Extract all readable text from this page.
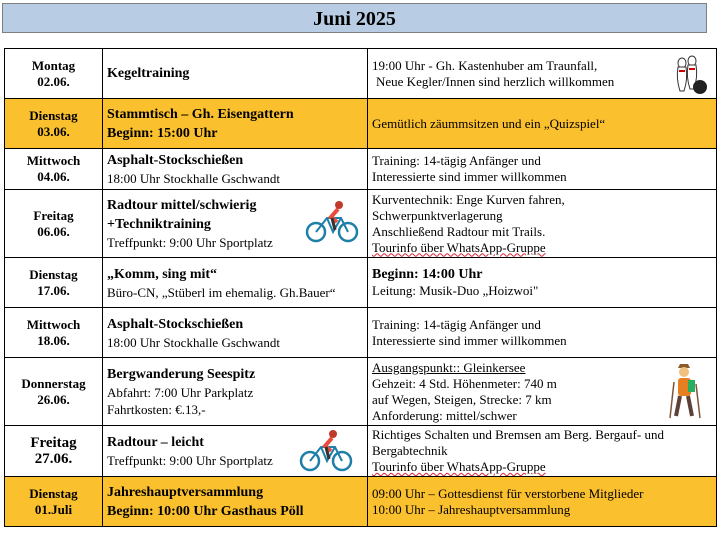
Juni 2025
Montag
02.06.	Kegeltraining	19:00 Uhr - Gh. Kastenhuber am Traunfall,
Neue Kegler/Innen sind herzlich willkommen

Dienstag
03.06.	Stammtisch – Gh. Eisengattern
Beginn: 15:00 Uhr	Gemütlich zäummsitzen und ein „Quizspiel“

Mittwoch
04.06.	Asphalt-Stockschießen
18:00 Uhr Stockhalle Gschwandt	Training: 14-tägig Anfänger und
Interessierte sind immer willkommen

Freitag
06.06.	Radtour mittel/schwierig
+Techniktraining
Treffpunkt: 9:00 Uhr Sportplatz	Kurventechnik: Enge Kurven fahren,
Schwerpunktverlagerung
Anschließend Radtour mit Trails.
Tourinfo über WhatsApp-Gruppe

Dienstag
17.06.	„Komm, sing mit“
Büro-CN, „Stüberl im ehemalig. Gh.Bauer“	Beginn: 14:00 Uhr
Leitung: Musik-Duo „Hoizwoi"

Mittwoch
18.06.	Asphalt-Stockschießen
18:00 Uhr Stockhalle Gschwandt	Training: 14-tägig Anfänger und
Interessierte sind immer willkommen

Donnerstag
26.06.	Bergwanderung Seespitz
Abfahrt: 7:00 Uhr Parkplatz
Fahrtkosten: €.13,-	Ausgangspunkt:: Gleinkersee
Gehzeit: 4 Std. Höhenmeter: 740 m
auf Wegen, Steigen, Strecke: 7 km
Anforderung: mittel/schwer

Freitag
27.06.	Radtour – leicht
Treffpunkt: 9:00 Uhr Sportplatz	Richtiges Schalten und Bremsen am Berg. Bergauf- und
Bergabtechnik
Tourinfo über WhatsApp-Gruppe

Dienstag
01.Juli	Jahreshauptversammlung
Beginn: 10:00 Uhr Gasthaus Pöll	09:00 Uhr – Gottesdienst für verstorbene Mitglieder
10:00 Uhr – Jahreshauptversammlung
